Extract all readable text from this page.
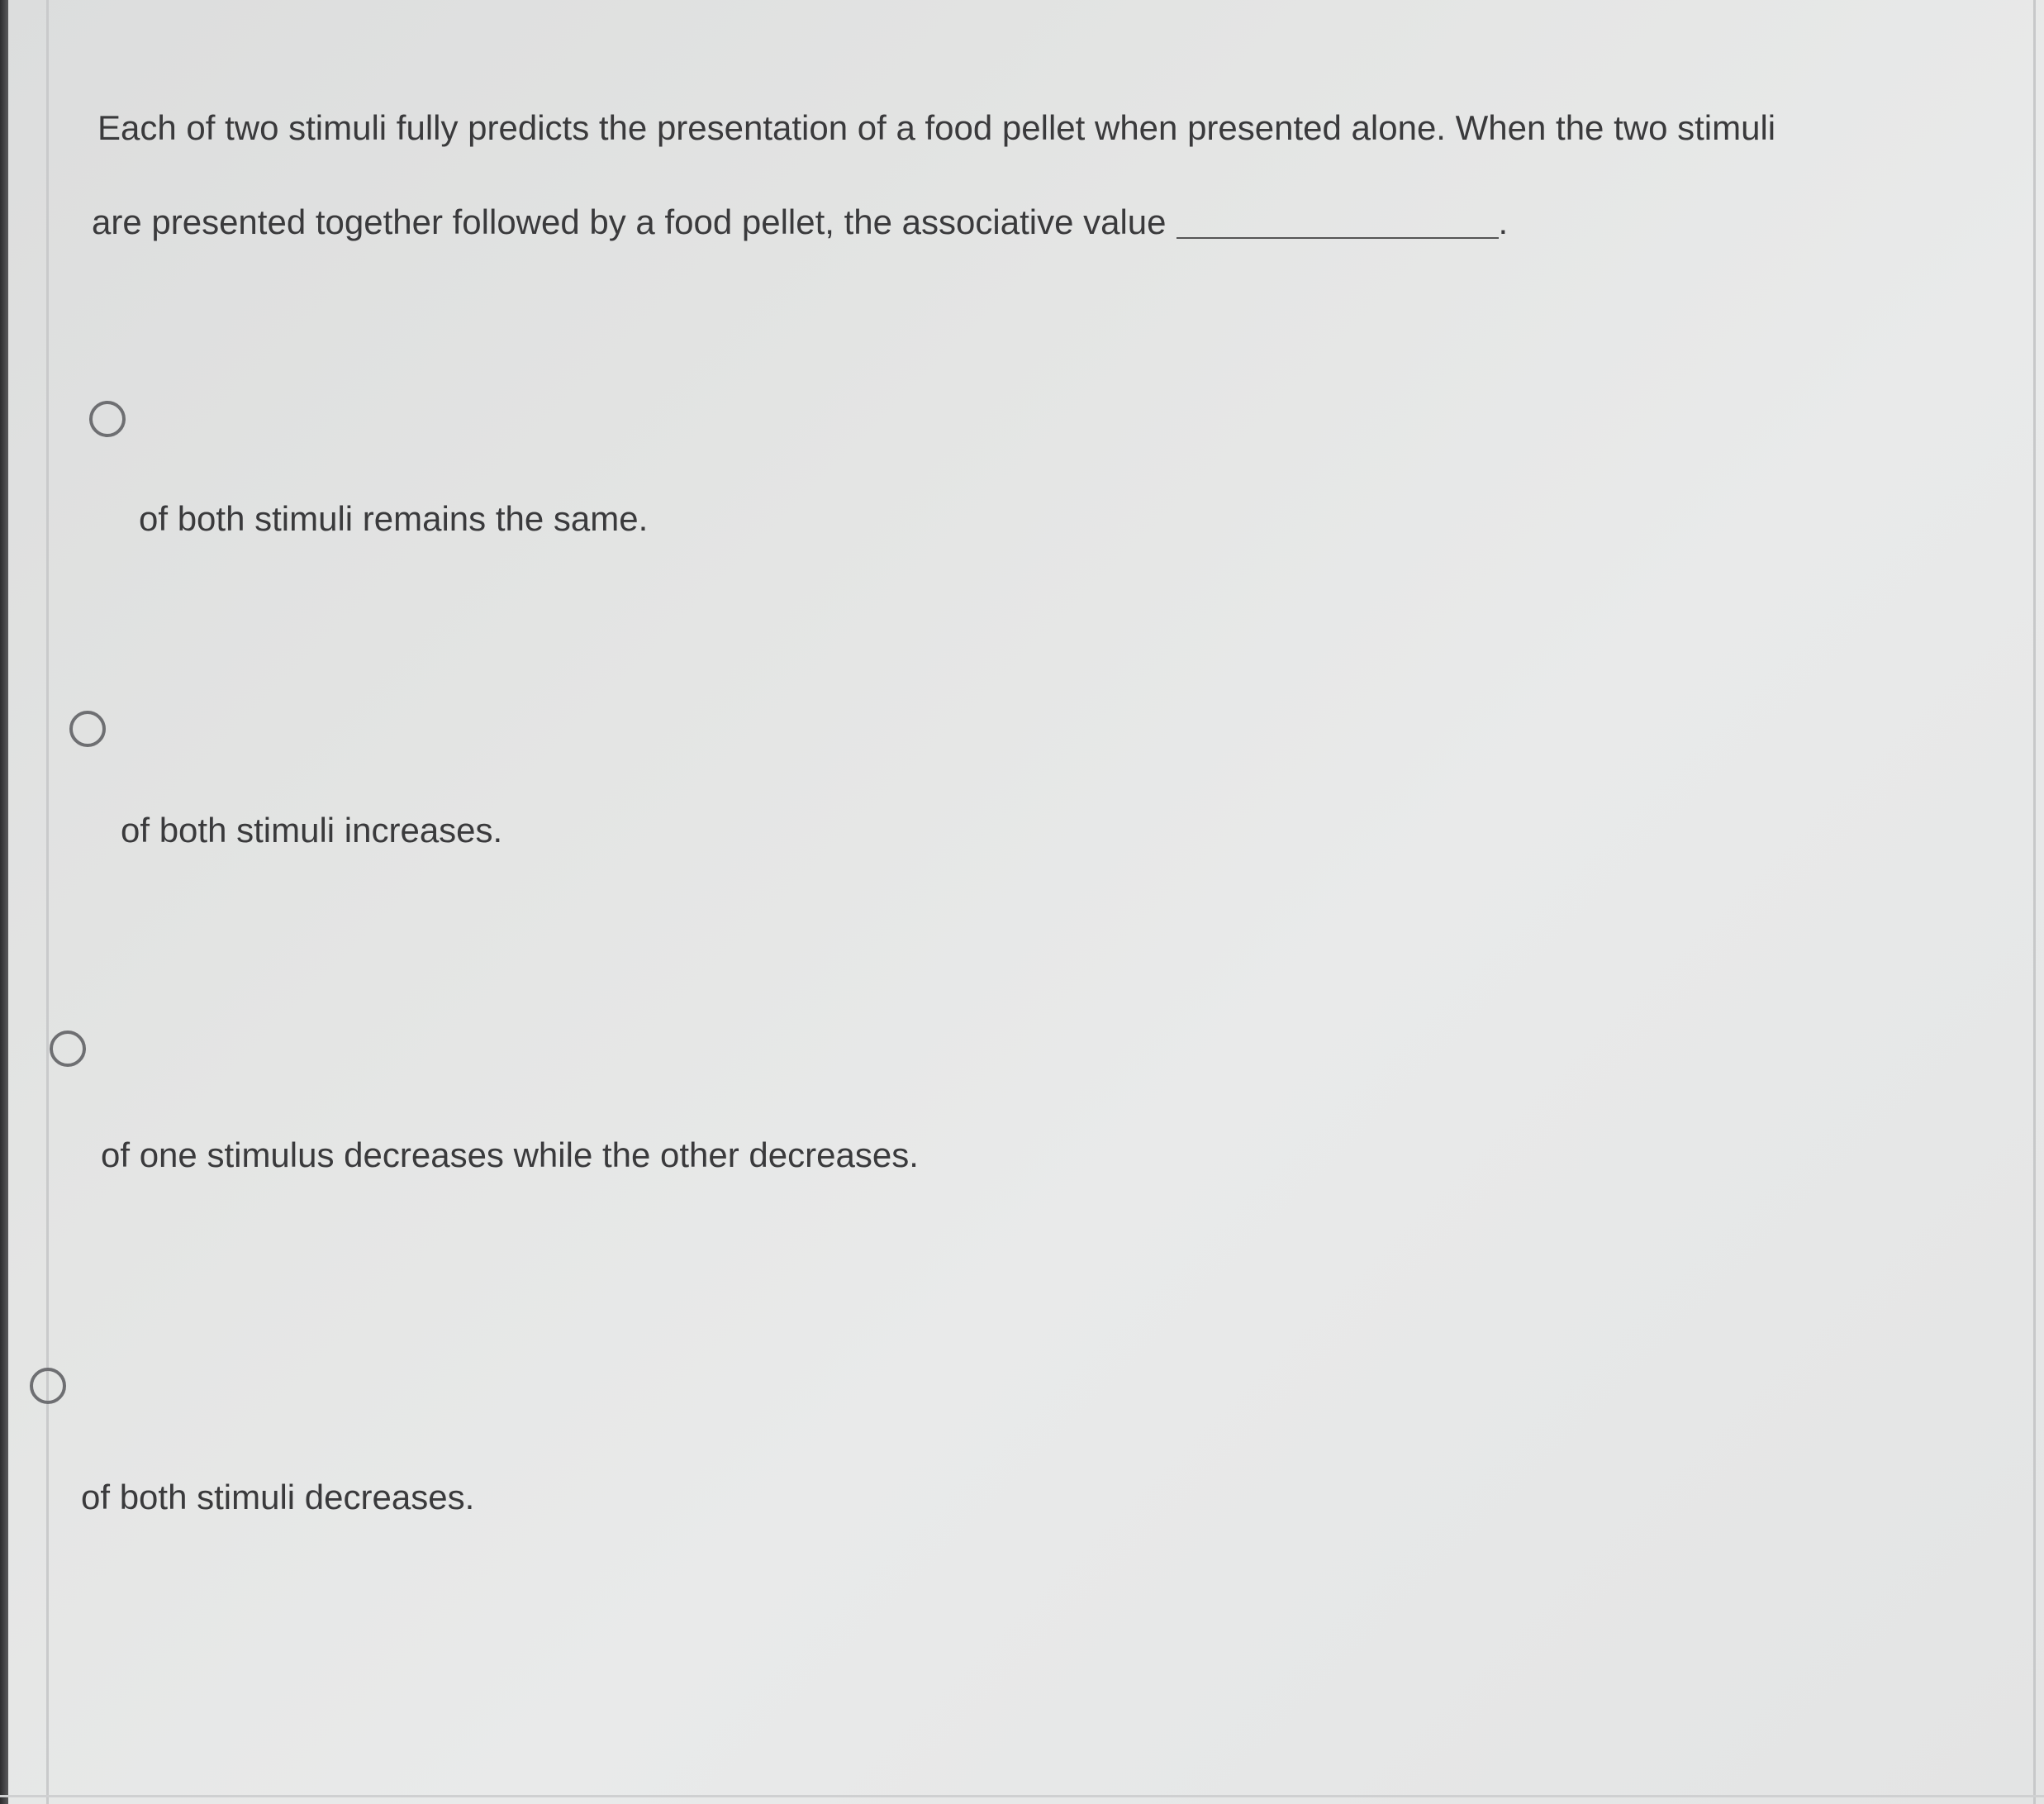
Each of two stimuli fully predicts the presentation of a food pellet when presented alone. When the two stimuli

are presented together followed by a food pellet, the associative value	.

of both stimuli remains the same.
of both stimuli increases.
of one stimulus decreases while the other decreases.
of both stimuli decreases.
